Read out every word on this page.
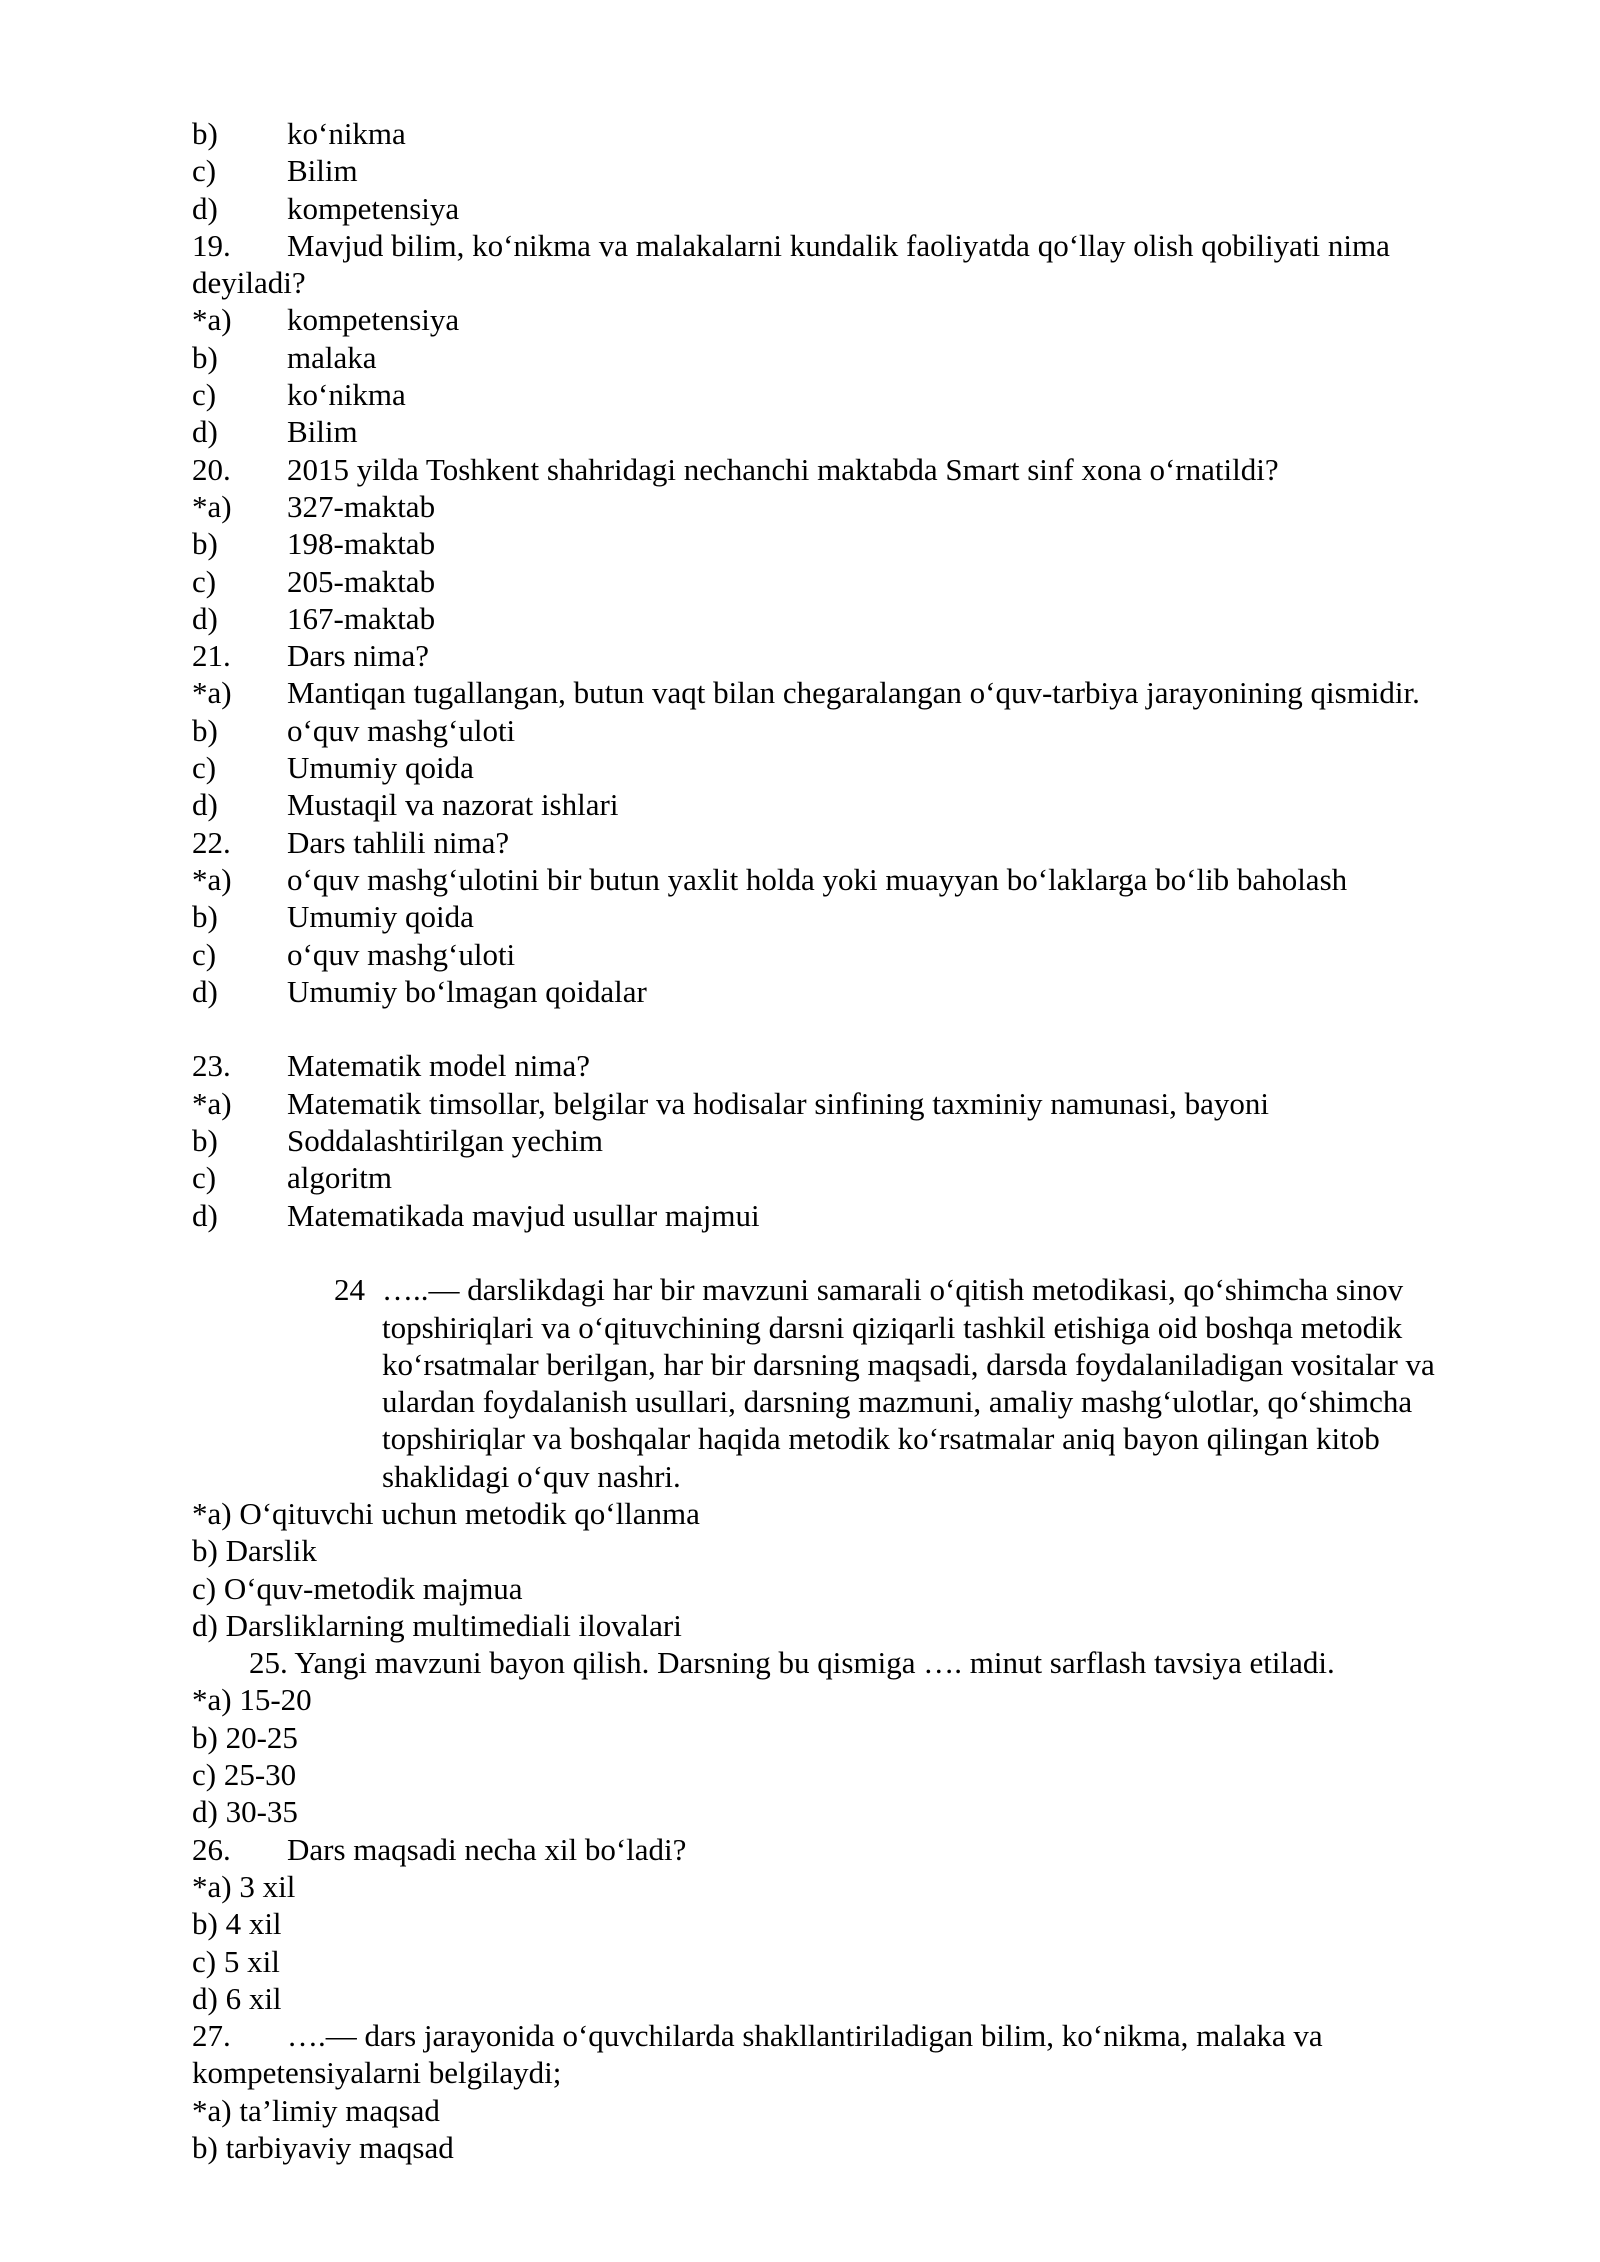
b) ko‘nikma
c) Bilim
d) kompetensiya
19. Mavjud bilim, ko‘nikma va malakalarni kundalik faoliyatda qo‘llay olish qobiliyati nima deyiladi?
*a) kompetensiya
b) malaka
c) ko‘nikma
d) Bilim
20. 2015 yilda Toshkent shahridagi nechanchi maktabda Smart sinf xona o‘rnatildi?
*a) 327-maktab
b) 198-maktab
c) 205-maktab
d) 167-maktab
21. Dars nima?
*a) Mantiqan tugallangan, butun vaqt bilan chegaralangan o‘quv-tarbiya jarayonining qismidir.
b) o‘quv mashg‘uloti
c) Umumiy qoida
d) Mustaqil va nazorat ishlari
22. Dars tahlili nima?
*a) o‘quv mashg‘ulotini bir butun yaxlit holda yoki muayyan bo‘laklarga bo‘lib baholash
b) Umumiy qoida
c) o‘quv mashg‘uloti
d) Umumiy bo‘lmagan qoidalar
23. Matematik model nima?
*a) Matematik timsollar, belgilar va hodisalar sinfining taxminiy namunasi, bayoni
b) Soddalashtirilgan yechim
c) algoritm
d) Matematikada mavjud usullar majmui
24 …..— darslikdagi har bir mavzuni samarali o‘qitish metodikasi, qo‘shimcha sinov topshiriqlari va o‘qituvchining darsni qiziqarli tashkil etishiga oid boshqa metodik ko‘rsatmalar berilgan, har bir darsning maqsadi, darsda foydalaniladigan vositalar va ulardan foydalanish usullari, darsning mazmuni, amaliy mashg‘ulotlar, qo‘shimcha topshiriqlar va boshqalar haqida metodik ko‘rsatmalar aniq bayon qilingan kitob shaklidagi o‘quv nashri.
*a) O‘qituvchi uchun metodik qo‘llanma
b) Darslik
c) O‘quv-metodik majmua
d) Darsliklarning multimediali ilovalari
25. Yangi mavzuni bayon qilish. Darsning bu qismiga …. minut sarflash tavsiya etiladi.
*a) 15-20
b) 20-25
c) 25-30
d) 30-35
26. Dars maqsadi necha xil bo‘ladi?
*a) 3 xil
b) 4 xil
c) 5 xil
d) 6 xil
27. ….— dars jarayonida o‘quvchilarda shakllantiriladigan bilim, ko‘nikma, malaka va kompetensiyalarni belgilaydi;
*a) ta’limiy maqsad
b) tarbiyaviy maqsad
